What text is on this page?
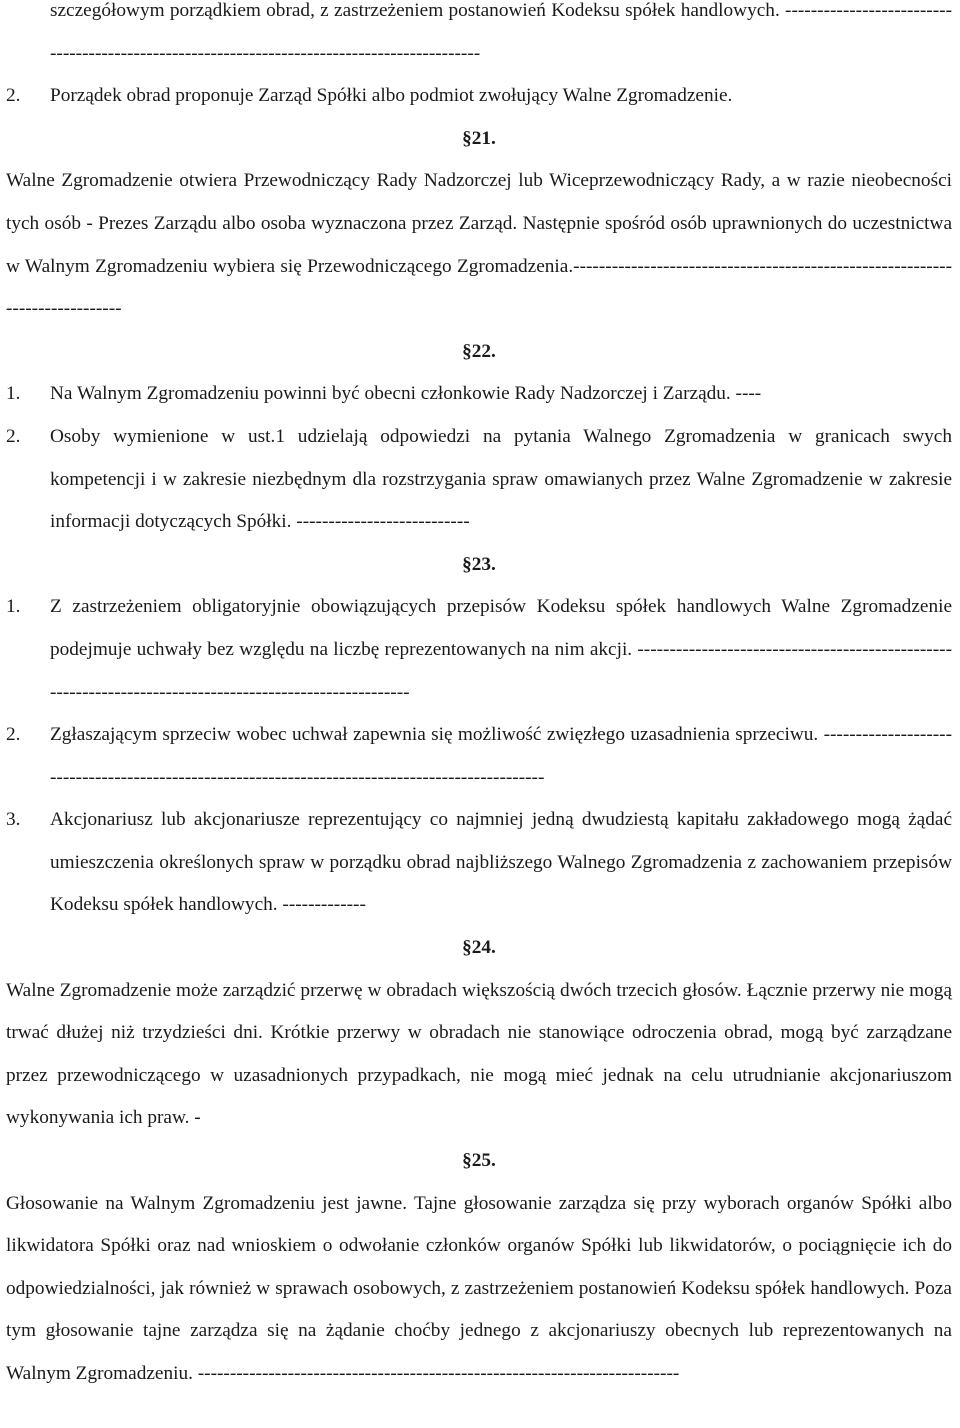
szczegółowym porządkiem obrad, z zastrzeżeniem postanowień Kodeksu spółek handlowych. ---------------------------------------------------------------------------------------------

2.	Porządek obrad proponuje Zarząd Spółki albo podmiot zwołujący Walne Zgromadzenie.

§21.

Walne Zgromadzenie otwiera Przewodniczący Rady Nadzorczej lub Wiceprzewodniczący Rady, a w razie nieobecności tych osób - Prezes Zarządu albo osoba wyznaczona przez Zarząd. Następnie spośród osób uprawnionych do uczestnictwa w Walnym Zgromadzeniu wybiera się Przewodniczącego Zgromadzenia.-----------------------------------------------------------------------------

§22.

1.	Na Walnym Zgromadzeniu powinni być obecni członkowie Rady Nadzorczej i Zarządu. ----
2.	Osoby wymienione w ust.1 udzielają odpowiedzi na pytania Walnego Zgromadzenia w granicach swych kompetencji i w zakresie niezbędnym dla rozstrzygania spraw omawianych przez Walne Zgromadzenie w zakresie informacji dotyczących Spółki. ---------------------------

§23.

1.	Z zastrzeżeniem obligatoryjnie obowiązujących przepisów Kodeksu spółek handlowych Walne Zgromadzenie podejmuje uchwały bez względu na liczbę reprezentowanych na nim akcji. ---------------------------------------------------------------------------------------------------------
2.	Zgłaszającym sprzeciw wobec uchwał zapewnia się możliwość zwięzłego uzasadnienia sprzeciwu. -------------------------------------------------------------------------------------------------
3.	Akcjonariusz lub akcjonariusze reprezentujący co najmniej jedną dwudziestą kapitału zakładowego mogą żądać umieszczenia określonych spraw w porządku obrad najbliższego Walnego Zgromadzenia z zachowaniem przepisów Kodeksu spółek handlowych. -------------

§24.

Walne Zgromadzenie może zarządzić przerwę w obradach większością dwóch trzecich głosów. Łącznie przerwy nie mogą trwać dłużej niż trzydzieści dni. Krótkie przerwy w obradach nie stanowiące odroczenia obrad, mogą być zarządzane przez przewodniczącego w uzasadnionych przypadkach, nie mogą mieć jednak na celu utrudnianie akcjonariuszom wykonywania ich praw. -

§25.

Głosowanie na Walnym Zgromadzeniu jest jawne. Tajne głosowanie zarządza się przy wyborach organów Spółki albo likwidatora Spółki oraz nad wnioskiem o odwołanie członków organów Spółki lub likwidatorów, o pociągnięcie ich do odpowiedzialności, jak również w sprawach osobowych, z zastrzeżeniem postanowień Kodeksu spółek handlowych. Poza tym głosowanie tajne zarządza się na żądanie choćby jednego z akcjonariuszy obecnych lub reprezentowanych na Walnym Zgromadzeniu. ---------------------------------------------------------------------------
